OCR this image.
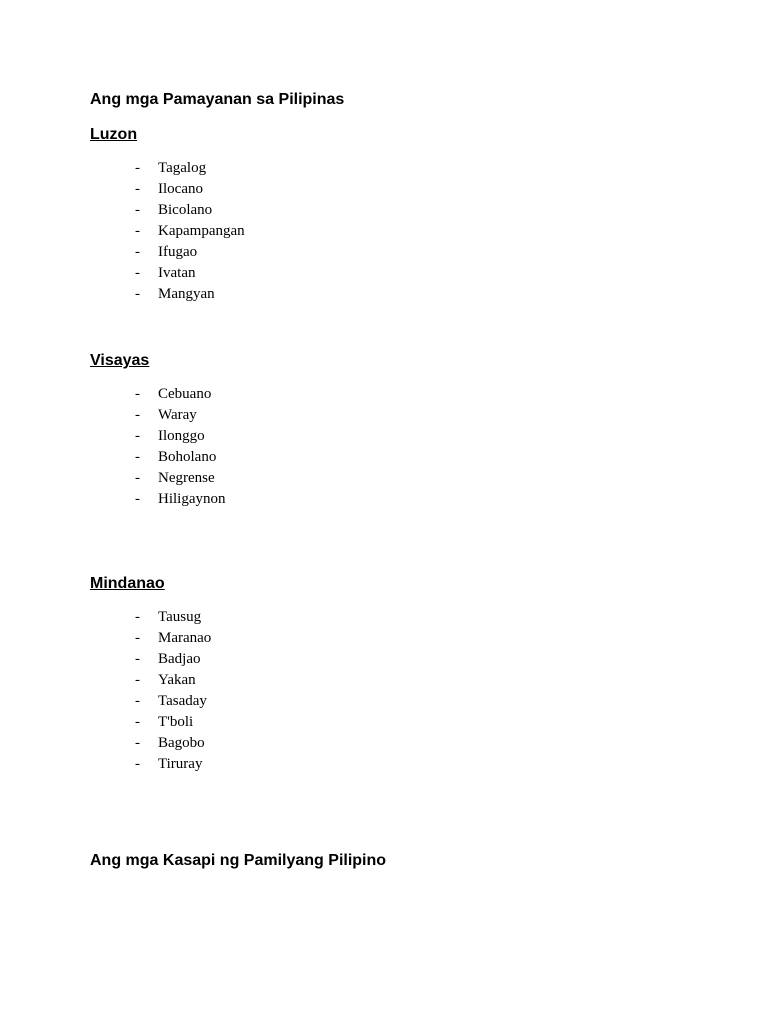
Ang mga Pamayanan sa Pilipinas
Luzon
- Tagalog
- Ilocano
- Bicolano
- Kapampangan
- Ifugao
- Ivatan
- Mangyan
Visayas
- Cebuano
- Waray
- Ilonggo
- Boholano
- Negrense
- Hiligaynon
Mindanao
- Tausug
- Maranao
- Badjao
- Yakan
- Tasaday
- T'boli
- Bagobo
- Tiruray
Ang mga Kasapi ng Pamilyang Pilipino
